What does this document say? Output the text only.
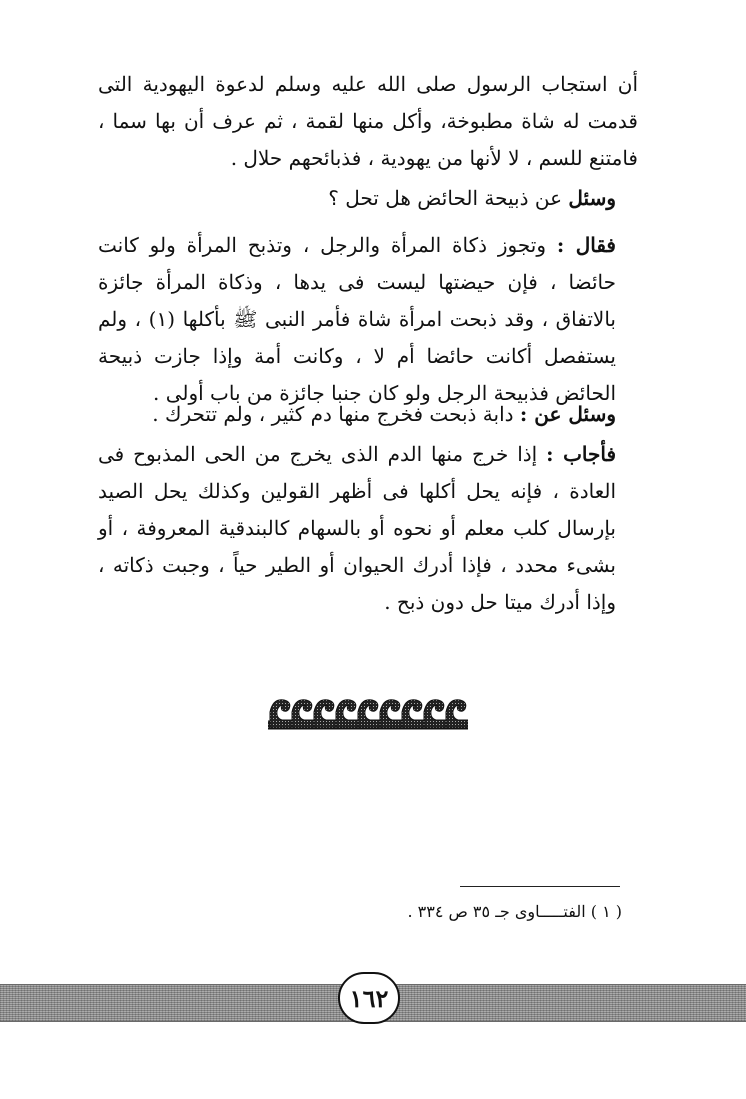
أن استجاب الرسول صلى الله عليه وسلم لدعوة اليهودية التى قدمت له شاة مطبوخة، وأكل منها لقمة ، ثم عرف أن بها سما ، فامتنع للسم ، لا لأنها من يهودية ، فذبائحهم حلال .

وسئل عن ذبيحة الحائض هل تحل ؟

فقال : وتجوز ذكاة المرأة والرجل ، وتذبح المرأة ولو كانت حائضا ، فإن حيضتها ليست فى يدها ، وذكاة المرأة جائزة بالاتفاق ، وقد ذبحت امرأة شاة فأمر النبى ﷺ بأكلها (١) ، ولم يستفصل أكانت حائضا أم لا ، وكانت أمة وإذا جازت ذبيحة الحائض فذبيحة الرجل ولو كان جنبا جائزة من باب أولى .

وسئل عن : دابة ذبحت فخرج منها دم كثير ، ولم تتحرك .

فأجاب : إذا خرج منها الدم الذى يخرج من الحى المذبوح فى العادة ، فإنه يحل أكلها فى أظهر القولين وكذلك يحل الصيد بإرسال كلب معلم أو نحوه أو بالسهام كالبندقية المعروفة ، أو بشىء محدد ، فإذا أدرك الحيوان أو الطير حياً ، وجبت ذكاته ، وإذا أدرك ميتا حل دون ذبح .

( ١ ) الفتـــــاوى جـ ٣٥ ص ٣٣٤ .
١٦٢
